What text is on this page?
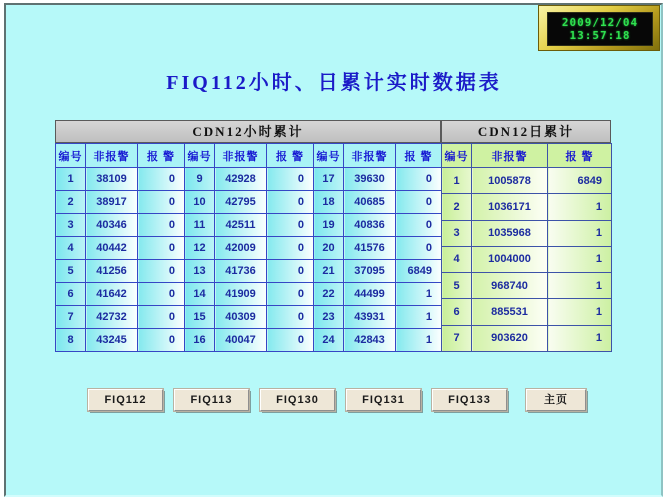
2009/12/04
13:57:18
FIQ112小时、日累计实时数据表
CDN12小时累计
编号	非报警	报 警	编号	非报警	报 警	编号	非报警	报 警
1	38109	0	9	42928	0	17	39630	0
2	38917	0	10	42795	0	18	40685	0
3	40346	0	11	42511	0	19	40836	0
4	40442	0	12	42009	0	20	41576	0
5	41256	0	13	41736	0	21	37095	6849
6	41642	0	14	41909	0	22	44499	1
7	42732	0	15	40309	0	23	43931	1
8	43245	0	16	40047	0	24	42843	1
CDN12日累计
编号	非报警	报 警
1	1005878	6849
2	1036171	1
3	1035968	1
4	1004000	1
5	968740	1
6	885531	1
7	903620	1
FIQ112	FIQ113	FIQ130	FIQ131	FIQ133	主页
